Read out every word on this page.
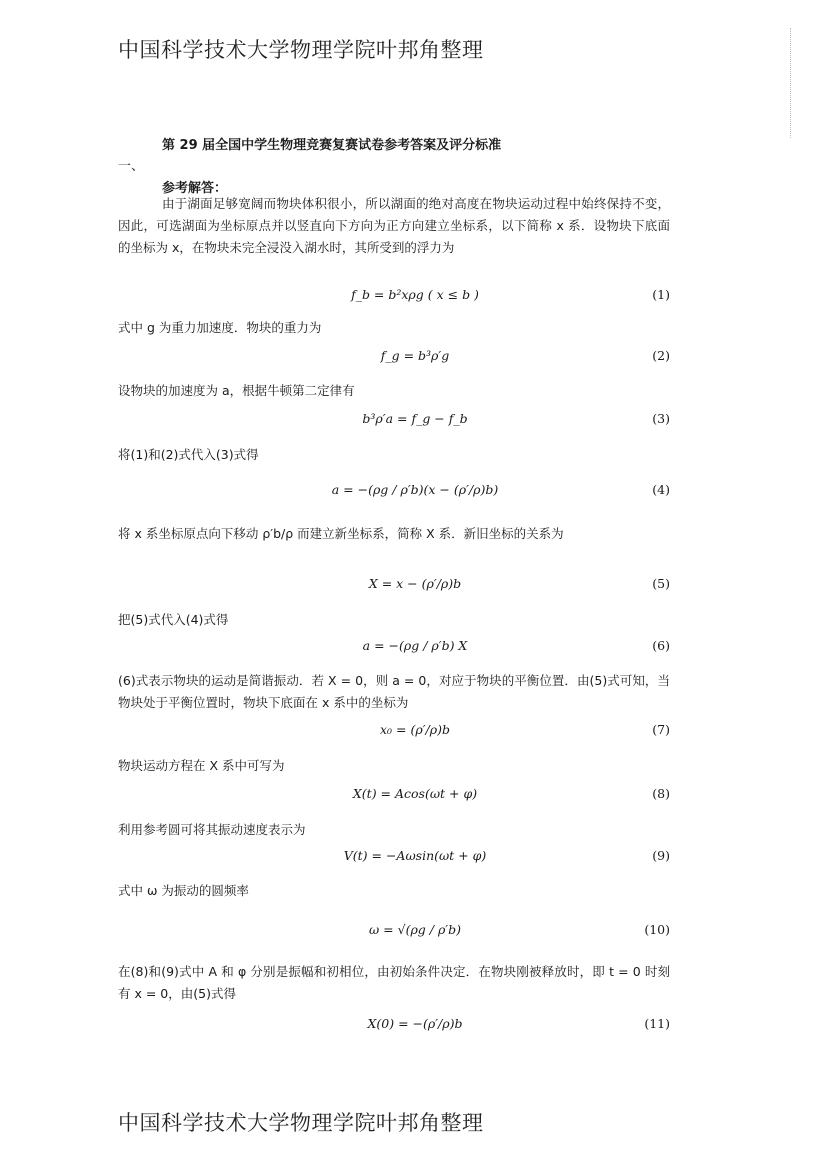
中国科学技术大学物理学院叶邦角整理
第 29 届全国中学生物理竞赛复赛试卷参考答案及评分标准
一、
参考解答：
由于湖面足够宽阔而物块体积很小，所以湖面的绝对高度在物块运动过程中始终保持不变，因此，可选湖面为坐标原点并以竖直向下方向为正方向建立坐标系，以下简称 x 系．设物块下底面的坐标为 x，在物块未完全浸没入湖水时，其所受到的浮力为
f_b = b²xρg ( x ≤ b )	(1)
式中 g 为重力加速度．物块的重力为
f_g = b³ρ′g	(2)
设物块的加速度为 a，根据牛顿第二定律有
b³ρ′a = f_g − f_b	(3)
将(1)和(2)式代入(3)式得
a = −(ρg / ρ′b)(x − (ρ′/ρ)b)	(4)
将 x 系坐标原点向下移动 ρ′b/ρ 而建立新坐标系，简称 X 系．新旧坐标的关系为
X = x − (ρ′/ρ)b	(5)
把(5)式代入(4)式得
a = −(ρg / ρ′b) X	(6)
(6)式表示物块的运动是简谐振动．若 X = 0，则 a = 0，对应于物块的平衡位置．由(5)式可知，当物块处于平衡位置时，物块下底面在 x 系中的坐标为
x₀ = (ρ′/ρ)b	(7)
物块运动方程在 X 系中可写为
X(t) = Acos(ωt + φ)	(8)
利用参考圆可将其振动速度表示为
V(t) = −Aωsin(ωt + φ)	(9)
式中 ω 为振动的圆频率
ω = √(ρg / ρ′b)	(10)
在(8)和(9)式中 A 和 φ 分别是振幅和初相位，由初始条件决定．在物块刚被释放时，即 t = 0 时刻有 x = 0，由(5)式得
X(0) = −(ρ′/ρ)b	(11)
中国科学技术大学物理学院叶邦角整理
